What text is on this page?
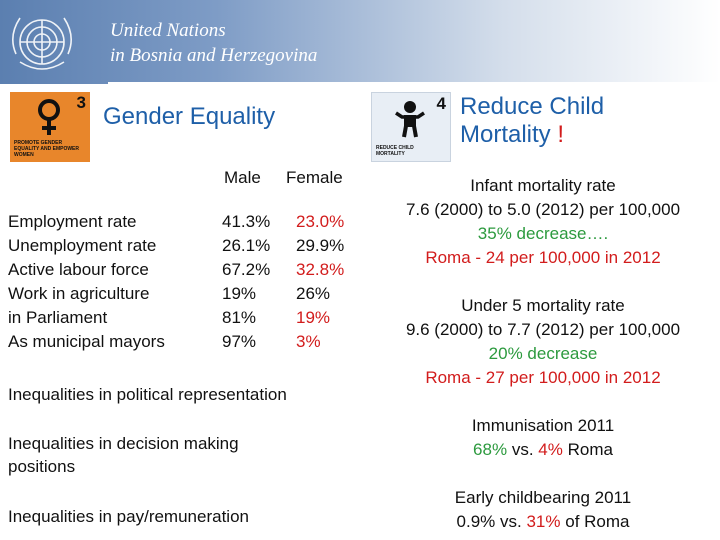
United Nations
in Bosnia and Herzegovina
3
PROMOTE GENDER EQUALITY AND EMPOWER WOMEN
Gender Equality	4
REDUCE CHILD MORTALITY
Reduce Child Mortality !
Male Female
Employment rate
Unemployment rate
Active labour force
Work in agriculture
in Parliament
As municipal mayors
41.3%
26.1%
67.2%
19%
81%
97%
23.0%
29.9%
32.8%
26%
19%
3%
Inequalities in political representation
Inequalities in decision making positions
Inequalities in pay/remuneration
Infant mortality rate
7.6 (2000) to 5.0 (2012) per 100,000
35% decrease….
Roma - 24 per 100,000 in 2012
Under 5 mortality rate
9.6 (2000) to 7.7 (2012) per 100,000
20% decrease
Roma - 27 per 100,000 in 2012
Immunisation 2011
68% vs. 4% Roma
Early childbearing 2011
0.9% vs. 31% of Roma
